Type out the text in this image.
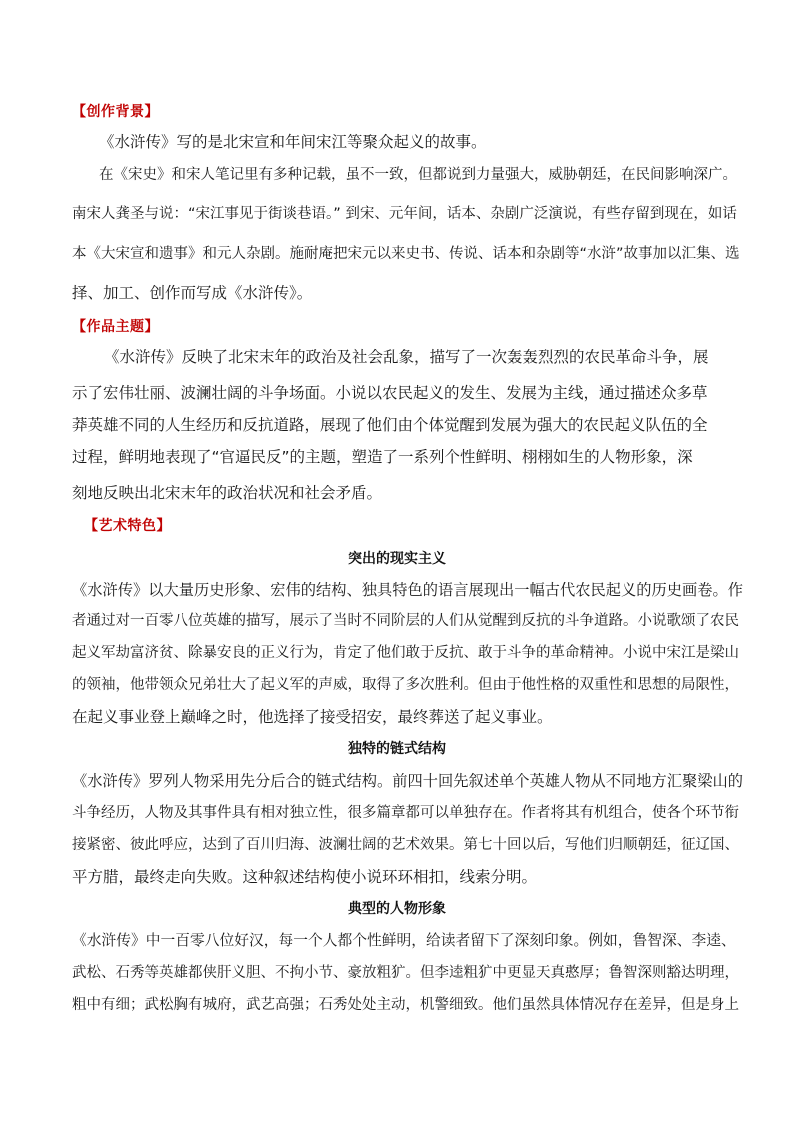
【创作背景】
《水浒传》写的是北宋宣和年间宋江等聚众起义的故事。
在《宋史》和宋人笔记里有多种记载，虽不一致，但都说到力量强大，威胁朝廷，在民间影响深广。
南宋人龚圣与说：“宋江事见于街谈巷语。” 到宋、元年间，话本、杂剧广泛演说，有些存留到现在，如话
本《大宋宣和遗事》和元人杂剧。施耐庵把宋元以来史书、传说、话本和杂剧等“水浒”故事加以汇集、选
择、加工、创作而写成《水浒传》。
【作品主题】
《水浒传》反映了北宋末年的政治及社会乱象，描写了一次轰轰烈烈的农民革命斗争，展
示了宏伟壮丽、波澜壮阔的斗争场面。小说以农民起义的发生、发展为主线，通过描述众多草
莽英雄不同的人生经历和反抗道路，展现了他们由个体觉醒到发展为强大的农民起义队伍的全
过程，鲜明地表现了“官逼民反”的主题，塑造了一系列个性鲜明、栩栩如生的人物形象，深
刻地反映出北宋末年的政治状况和社会矛盾。
【艺术特色】
突出的现实主义
《水浒传》以大量历史形象、宏伟的结构、独具特色的语言展现出一幅古代农民起义的历史画卷。作
者通过对一百零八位英雄的描写，展示了当时不同阶层的人们从觉醒到反抗的斗争道路。小说歌颂了农民
起义军劫富济贫、除暴安良的正义行为，肯定了他们敢于反抗、敢于斗争的革命精神。小说中宋江是梁山
的领袖，他带领众兄弟壮大了起义军的声威，取得了多次胜利。但由于他性格的双重性和思想的局限性，
在起义事业登上巅峰之时，他选择了接受招安，最终葬送了起义事业。
独特的链式结构
《水浒传》罗列人物采用先分后合的链式结构。前四十回先叙述单个英雄人物从不同地方汇聚梁山的
斗争经历，人物及其事件具有相对独立性，很多篇章都可以单独存在。作者将其有机组合，使各个环节衔
接紧密、彼此呼应，达到了百川归海、波澜壮阔的艺术效果。第七十回以后，写他们归顺朝廷，征辽国、
平方腊，最终走向失败。这种叙述结构使小说环环相扣，线索分明。
典型的人物形象
《水浒传》中一百零八位好汉，每一个人都个性鲜明，给读者留下了深刻印象。例如，鲁智深、李逵、
武松、石秀等英雄都侠肝义胆、不拘小节、豪放粗犷。但李逵粗犷中更显天真憨厚；鲁智深则豁达明理，
粗中有细；武松胸有城府，武艺高强；石秀处处主动，机警细致。他们虽然具体情况存在差异，但是身上
